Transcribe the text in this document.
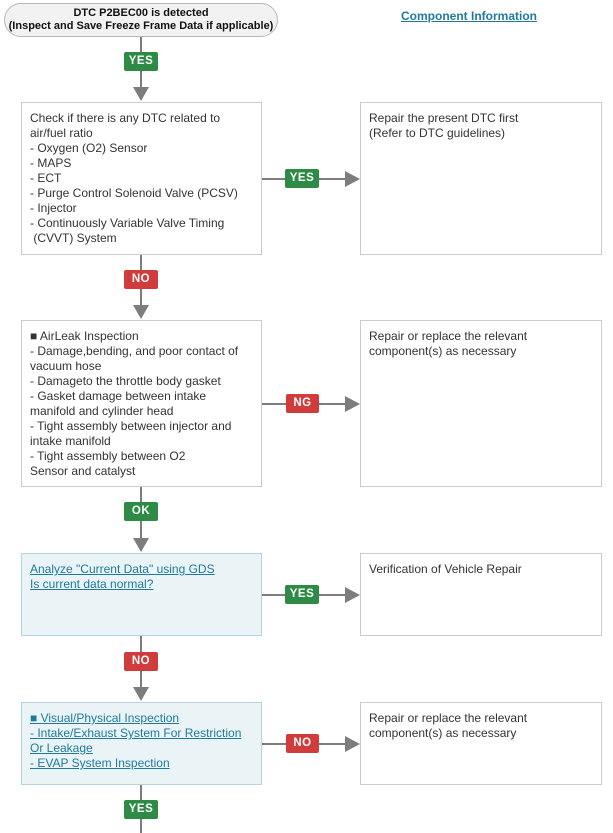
DTC P2BEC00 is detected
(Inspect and Save Freeze Frame Data if applicable)
Component Information
YES
Check if there is any DTC related to
air/fuel ratio
- Oxygen (O2) Sensor
- MAPS
- ECT
- Purge Control Solenoid Valve (PCSV)
- Injector
- Continuously Variable Valve Timing
(CVVT) System
YES
Repair the present DTC first
(Refer to DTC guidelines)
NO
■ AirLeak Inspection
- Damage,bending, and poor contact of
vacuum hose
- Damageto the throttle body gasket
- Gasket damage between intake
manifold and cylinder head
- Tight assembly between injector and
intake manifold
- Tight assembly between O2
Sensor and catalyst
NG
Repair or replace the relevant
component(s) as necessary
OK
Analyze "Current Data" using GDS
Is current data normal?
YES
Verification of Vehicle Repair
NO
■ Visual/Physical Inspection
- Intake/Exhaust System For Restriction
Or Leakage
- EVAP System Inspection
NO
Repair or replace the relevant
component(s) as necessary
YES
